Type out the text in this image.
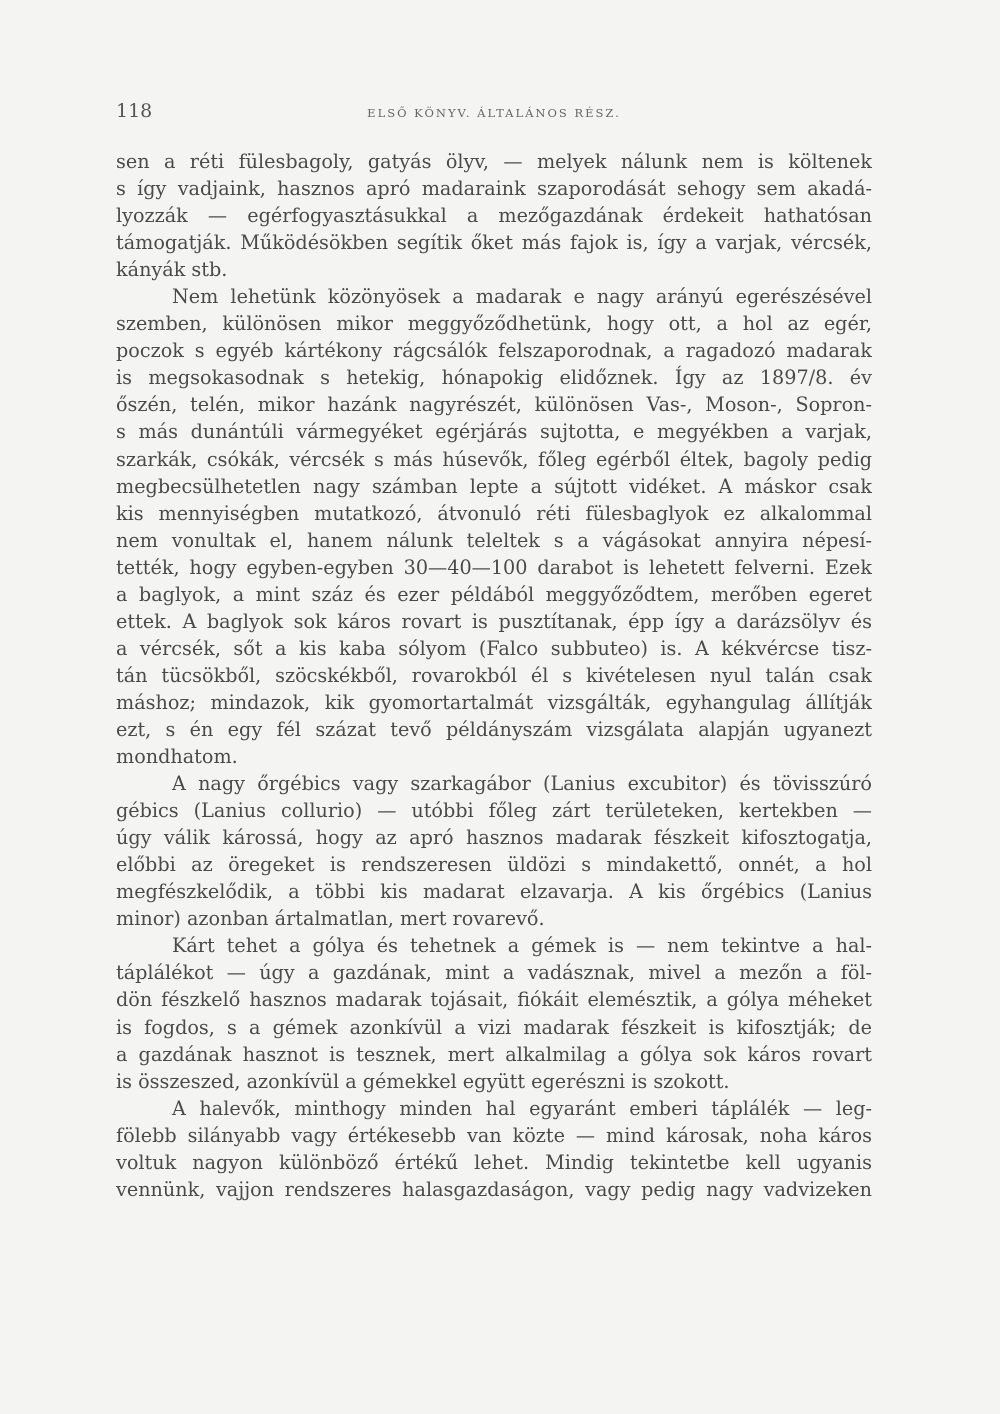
118	ELSŐ KÖNYV. ÁLTALÁNOS RÉSZ.
sen a réti fülesbagoly, gatyás ölyv, — melyek nálunk nem is költenek
s így vadjaink, hasznos apró madaraink szaporodását sehogy sem akadá-
lyozzák — egérfogyasztásukkal a mezőgazdának érdekeit hathatósan
támogatják. Működésökben segítik őket más fajok is, így a varjak, vércsék,
kányák stb.
Nem lehetünk közönyösek a madarak e nagy arányú egerészésével
szemben, különösen mikor meggyőződhetünk, hogy ott, a hol az egér,
poczok s egyéb kártékony rágcsálók felszaporodnak, a ragadozó madarak
is megsokasodnak s hetekig, hónapokig elidőznek. Így az 1897/8. év
őszén, telén, mikor hazánk nagyrészét, különösen Vas-, Moson-, Sopron-
s más dunántúli vármegyéket egérjárás sujtotta, e megyékben a varjak,
szarkák, csókák, vércsék s más húsevők, főleg egérből éltek, bagoly pedig
megbecsülhetetlen nagy számban lepte a sújtott vidéket. A máskor csak
kis mennyiségben mutatkozó, átvonuló réti fülesbaglyok ez alkalommal
nem vonultak el, hanem nálunk teleltek s a vágásokat annyira népesí-
tették, hogy egyben-egyben 30—40—100 darabot is lehetett felverni. Ezek
a baglyok, a mint száz és ezer példából meggyőződtem, merőben egeret
ettek. A baglyok sok káros rovart is pusztítanak, épp így a darázsölyv és
a vércsék, sőt a kis kaba sólyom (Falco subbuteo) is. A kékvércse tisz-
tán tücsökből, szöcskékből, rovarokból él s kivételesen nyul talán csak
máshoz; mindazok, kik gyomortartalmát vizsgálták, egyhangulag állítják
ezt, s én egy fél százat tevő példányszám vizsgálata alapján ugyanezt
mondhatom.
A nagy őrgébics vagy szarkagábor (Lanius excubitor) és tövisszúró
gébics (Lanius collurio) — utóbbi főleg zárt területeken, kertekben —
úgy válik károssá, hogy az apró hasznos madarak fészkeit kifosztogatja,
előbbi az öregeket is rendszeresen üldözi s mindakettő, onnét, a hol
megfészkelődik, a többi kis madarat elzavarja. A kis őrgébics (Lanius
minor) azonban ártalmatlan, mert rovarevő.
Kárt tehet a gólya és tehetnek a gémek is — nem tekintve a hal-
táplálékot — úgy a gazdának, mint a vadásznak, mivel a mezőn a föl-
dön fészkelő hasznos madarak tojásait, fiókáit elemésztik, a gólya méheket
is fogdos, s a gémek azonkívül a vizi madarak fészkeit is kifosztják; de
a gazdának hasznot is tesznek, mert alkalmilag a gólya sok káros rovart
is összeszed, azonkívül a gémekkel együtt egerészni is szokott.
A halevők, minthogy minden hal egyaránt emberi táplálék — leg-
fölebb silányabb vagy értékesebb van közte — mind károsak, noha káros
voltuk nagyon különböző értékű lehet. Mindig tekintetbe kell ugyanis
vennünk, vajjon rendszeres halasgazdaságon, vagy pedig nagy vadvizeken
